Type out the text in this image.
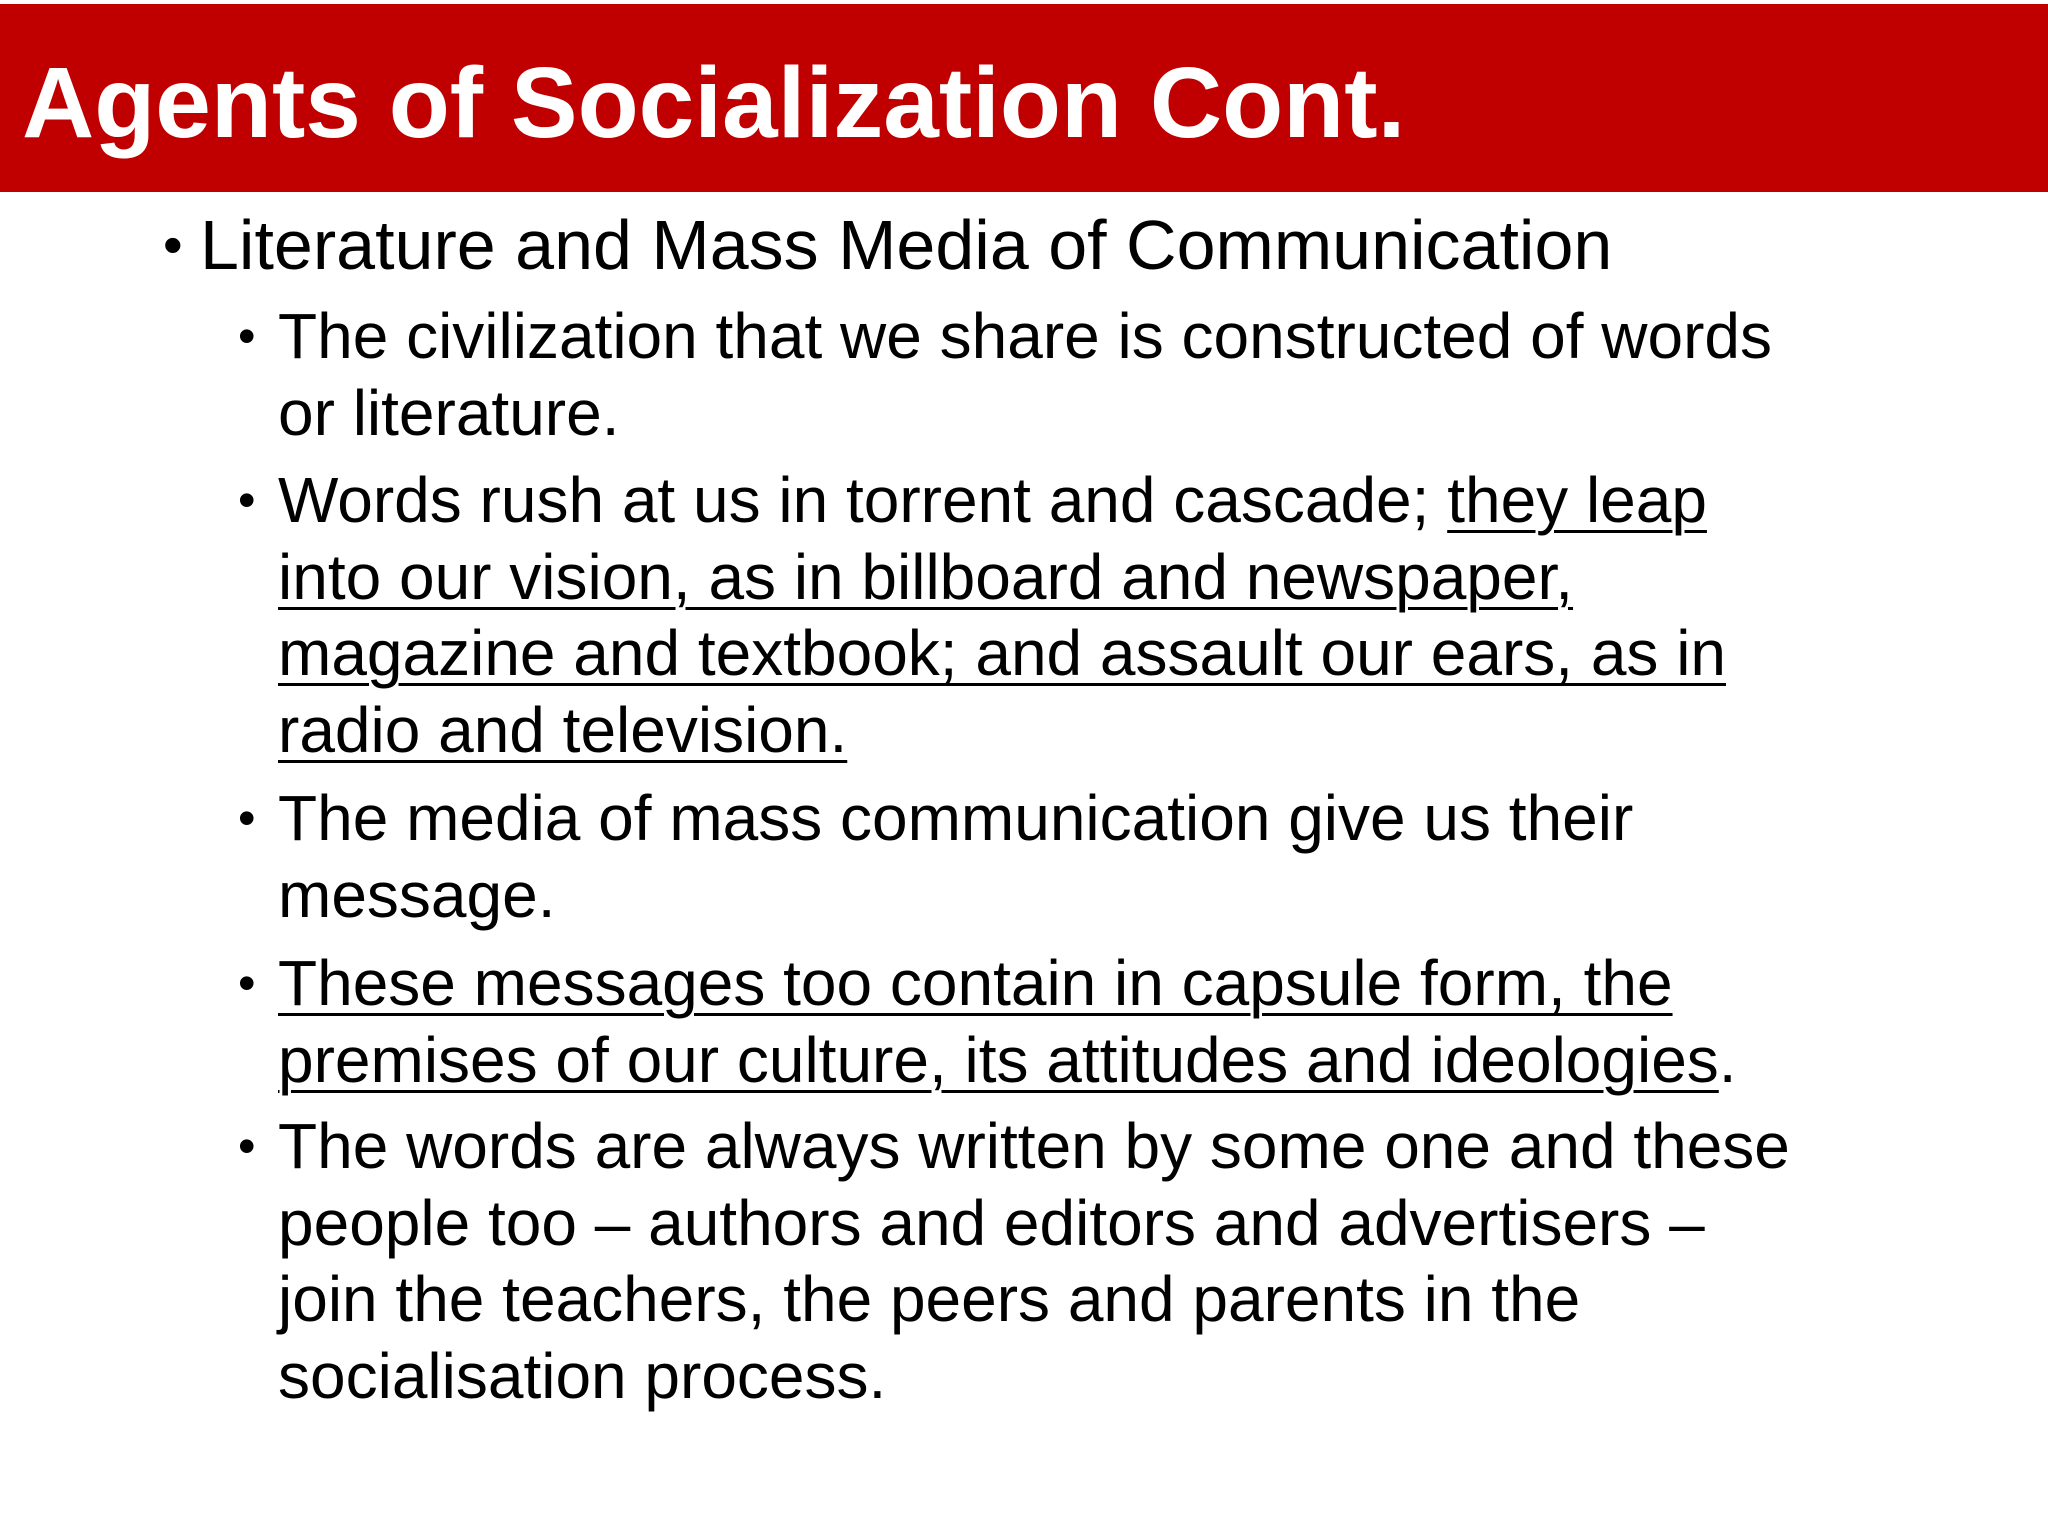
Agents of Socialization Cont.
• Literature and Mass Media of Communication
• The civilization that we share is constructed of words
or literature.
• Words rush at us in torrent and cascade; they leap
into our vision, as in billboard and newspaper,
magazine and textbook; and assault our ears, as in
radio and television.
• The media of mass communication give us their
message.
• These messages too contain in capsule form, the
premises of our culture, its attitudes and ideologies.
• The words are always written by some one and these
people too – authors and editors and advertisers –
join the teachers, the peers and parents in the
socialisation process.
